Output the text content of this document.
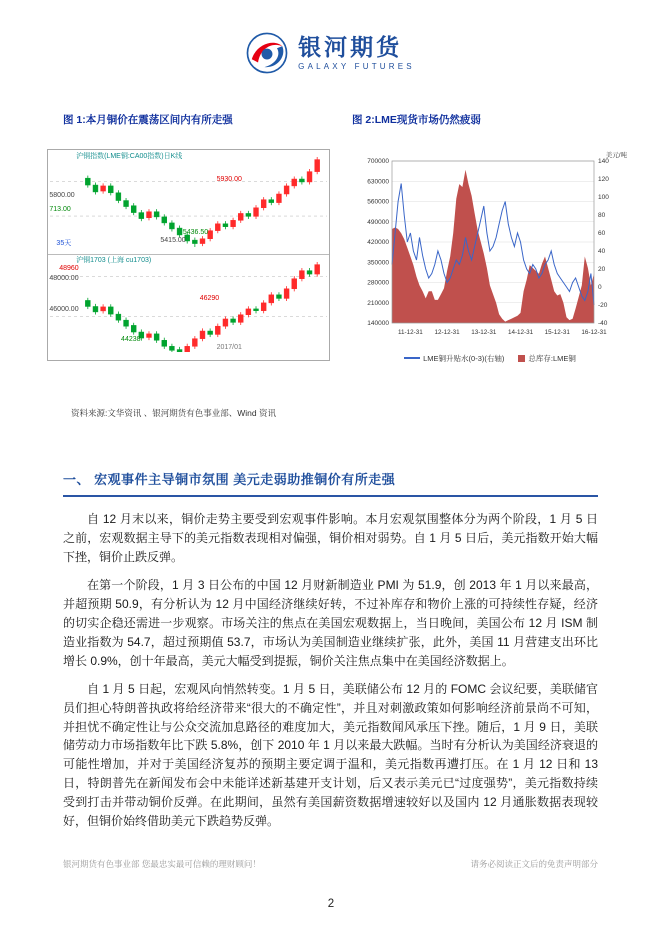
银河期货
GALAXY FUTURES
图 1:本月铜价在震荡区间内有所走强	图 2:LME现货市场仍然疲弱
沪铜指数(LME铜:CA00指数)日K线
5930.00
5800.00
713.00
35天	5415.00
5436.50
沪铜1703 (上海 cu1703)
48960
48000.00
46290
46000.00
44238
2017/01
700000
630000
560000
490000
420000
350000
280000
210000
140000
140
120
100
80
60
40
20
0
-20
-40
美元/吨
11-12-31 12-12-31 13-12-31 14-12-31 15-12-31 16-12-31
LME铜升贴水(0-3)(右轴)	总库存:LME铜
资料来源:文华资讯 、银河期货有色事业部、Wind 资讯
一、 宏观事件主导铜市氛围 美元走弱助推铜价有所走强

自 12 月末以来，铜价走势主要受到宏观事件影响。本月宏观氛围整体分为两个阶段，1 月 5 日之前，宏观数据主导下的美元指数表现相对偏强，铜价相对弱势。自 1 月 5 日后，美元指数开始大幅下挫，铜价止跌反弹。

在第一个阶段，1 月 3 日公布的中国 12 月财新制造业 PMI 为 51.9，创 2013 年 1 月以来最高，并超预期 50.9，有分析认为 12 月中国经济继续好转，不过补库存和物价上涨的可持续性存疑，经济的切实企稳还需进一步观察。市场关注的焦点在美国宏观数据上，当日晚间，美国公布 12 月 ISM 制造业指数为 54.7，超过预期值 53.7，市场认为美国制造业继续扩张，此外，美国 11 月营建支出环比增长 0.9%，创十年最高，美元大幅受到提振，铜价关注焦点集中在美国经济数据上。

自 1 月 5 日起，宏观风向悄然转变。1 月 5 日，美联储公布 12 月的 FOMC 会议纪要，美联储官员们担心特朗普执政将给经济带来“很大的不确定性”，并且对刺激政策如何影响经济前景尚不可知，并担忧不确定性让与公众交流加息路径的难度加大，美元指数闻风承压下挫。随后，1 月 9 日，美联储劳动力市场指数年比下跌 5.8%，创下 2010 年 1 月以来最大跌幅。当时有分析认为美国经济衰退的可能性增加，并对于美国经济复苏的预期主要定调于温和，美元指数再遭打压。在 1 月 12 日和 13 日，特朗普先在新闻发布会中未能详述新基建开支计划，后又表示美元已“过度强势”，美元指数持续受到打击并带动铜价反弹。在此期间，虽然有美国薪资数据增速较好以及国内 12 月通胀数据表现较好，但铜价始终借助美元下跌趋势反弹。

银河期货有色事业部 您最忠实最可信赖的理财顾问！	请务必阅读正文后的免责声明部分
2
